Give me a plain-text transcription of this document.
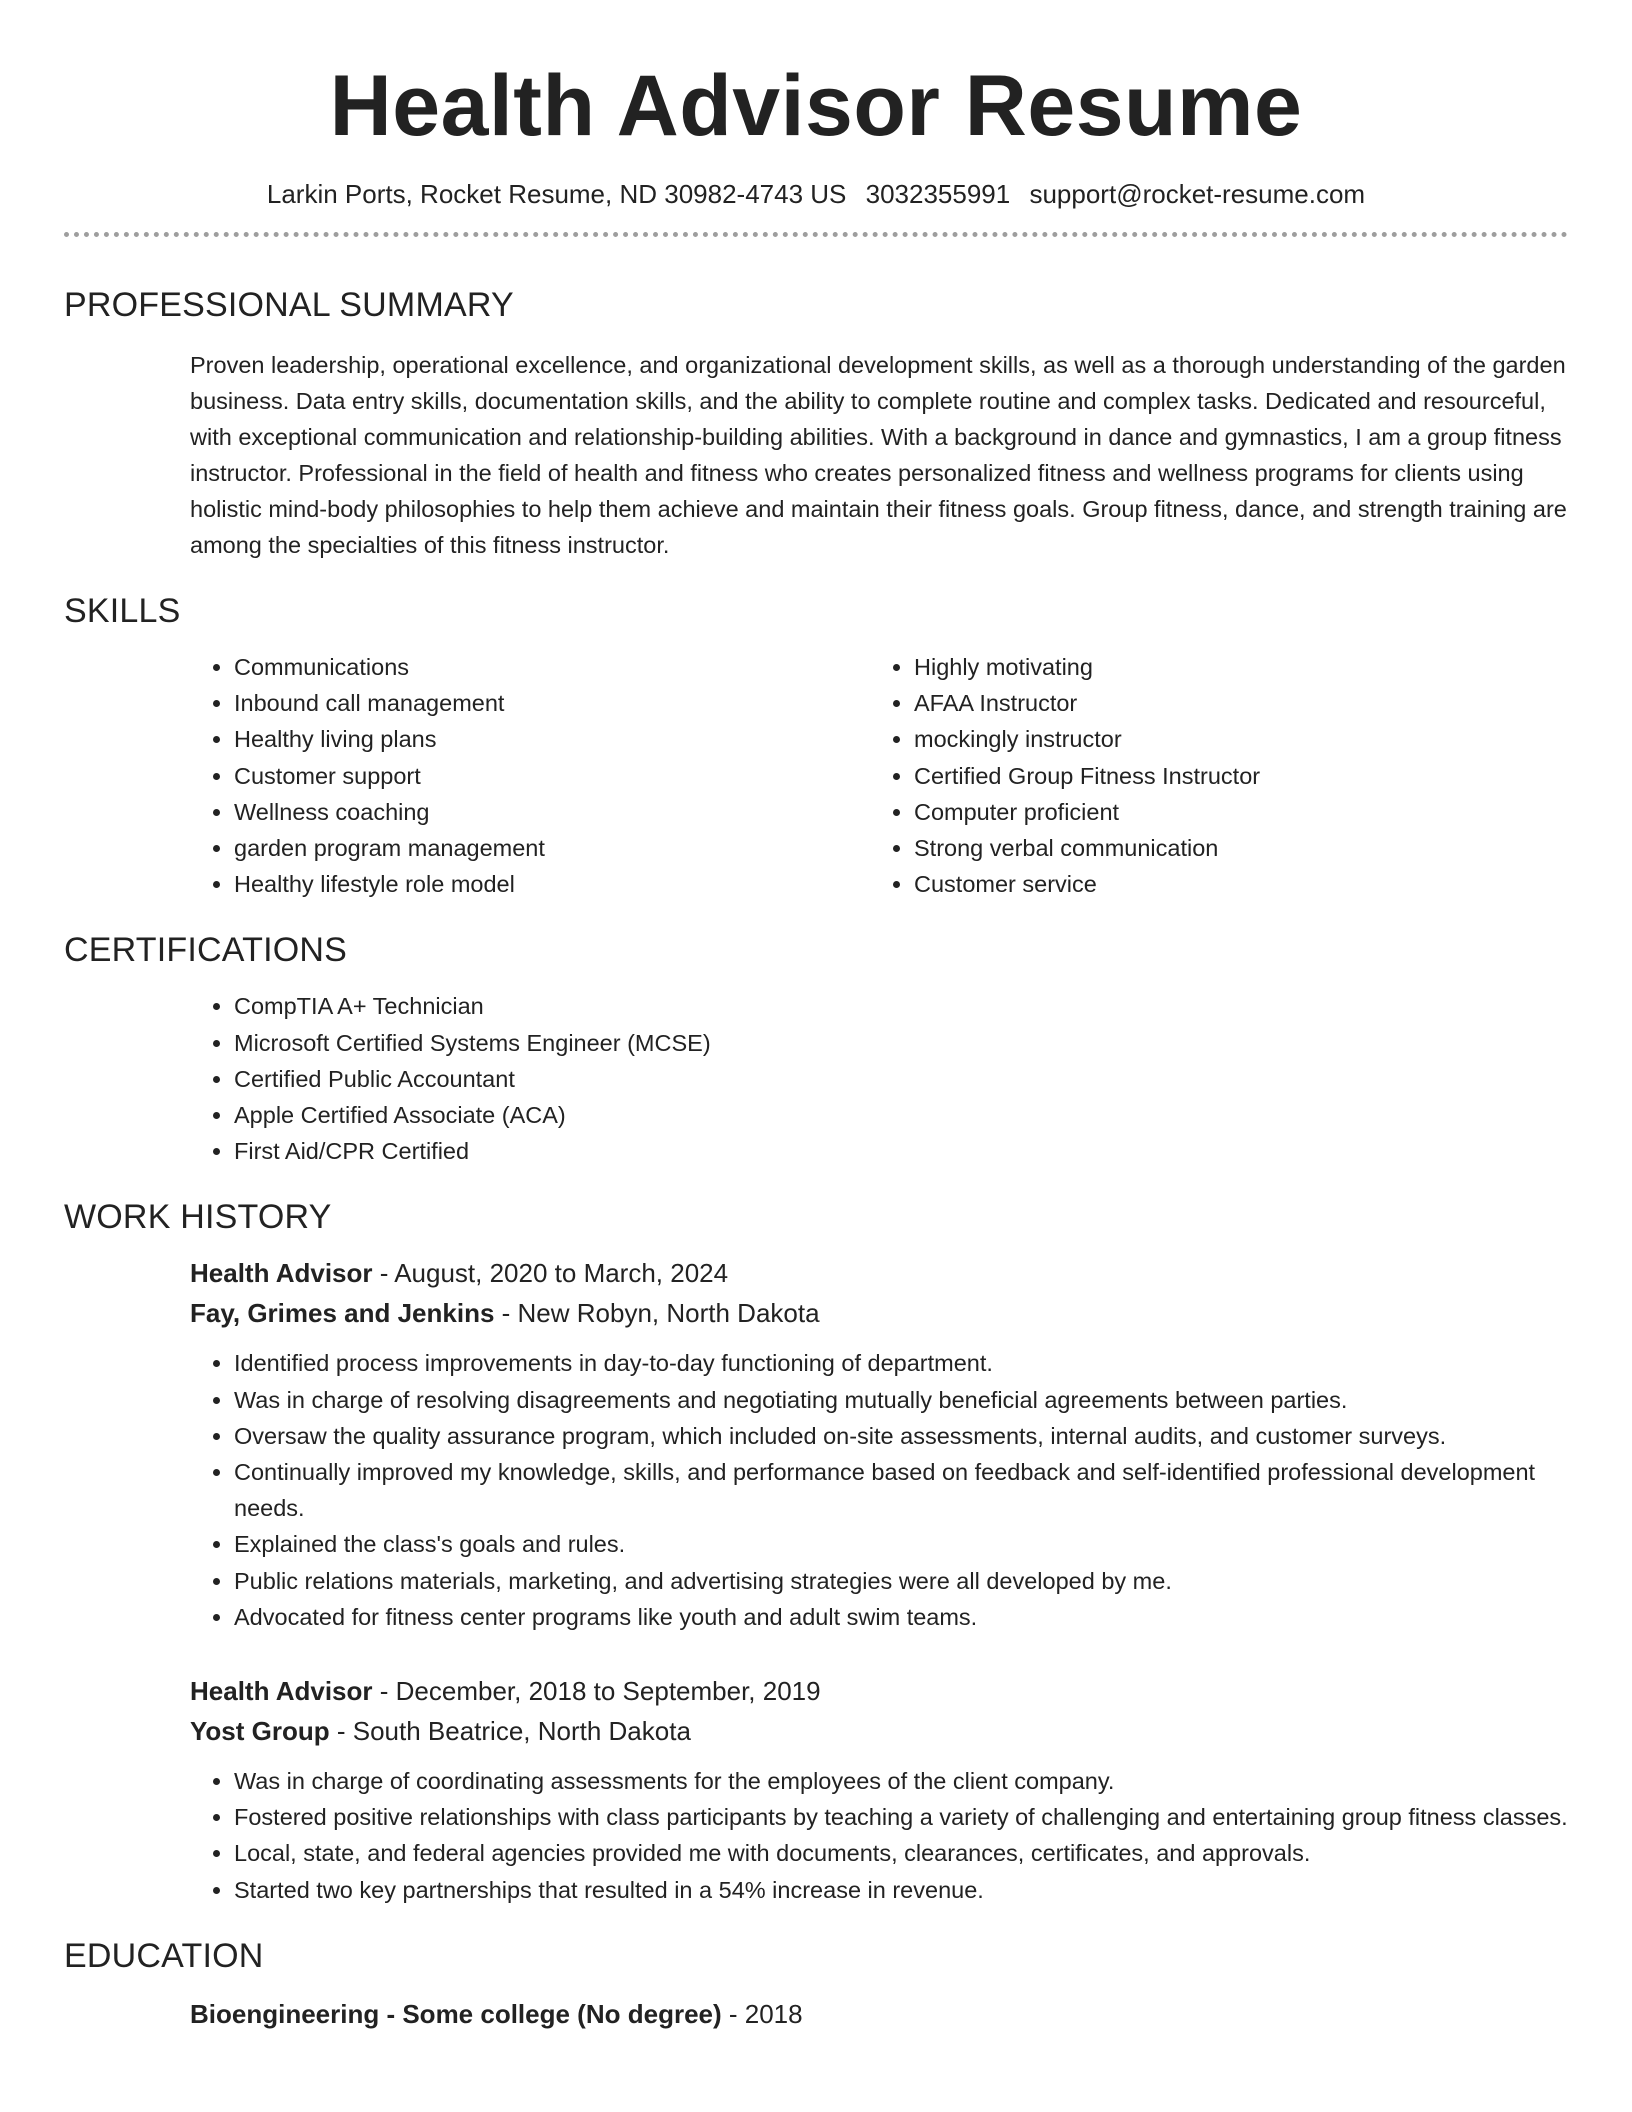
Health Advisor Resume
Larkin Ports, Rocket Resume, ND 30982-4743 US 3032355991 support@rocket-resume.com
PROFESSIONAL SUMMARY

Proven leadership, operational excellence, and organizational development skills, as well as a thorough understanding of the garden business. Data entry skills, documentation skills, and the ability to complete routine and complex tasks. Dedicated and resourceful, with exceptional communication and relationship-building abilities. With a background in dance and gymnastics, I am a group fitness instructor. Professional in the field of health and fitness who creates personalized fitness and wellness programs for clients using holistic mind-body philosophies to help them achieve and maintain their fitness goals. Group fitness, dance, and strength training are among the specialties of this fitness instructor.

SKILLS
• Communications
• Inbound call management
• Healthy living plans
• Customer support
• Wellness coaching
• garden program management
• Healthy lifestyle role model
• Highly motivating
• AFAA Instructor
• mockingly instructor
• Certified Group Fitness Instructor
• Computer proficient
• Strong verbal communication
• Customer service
CERTIFICATIONS
• CompTIA A+ Technician
• Microsoft Certified Systems Engineer (MCSE)
• Certified Public Accountant
• Apple Certified Associate (ACA)
• First Aid/CPR Certified
WORK HISTORY

Health Advisor - August, 2020 to March, 2024

Fay, Grimes and Jenkins - New Robyn, North Dakota

• Identified process improvements in day-to-day functioning of department.
• Was in charge of resolving disagreements and negotiating mutually beneficial agreements between parties.
• Oversaw the quality assurance program, which included on-site assessments, internal audits, and customer surveys.
• Continually improved my knowledge, skills, and performance based on feedback and self-identified professional development needs.
• Explained the class's goals and rules.
• Public relations materials, marketing, and advertising strategies were all developed by me.
• Advocated for fitness center programs like youth and adult swim teams.

Health Advisor - December, 2018 to September, 2019

Yost Group - South Beatrice, North Dakota

• Was in charge of coordinating assessments for the employees of the client company.
• Fostered positive relationships with class participants by teaching a variety of challenging and entertaining group fitness classes.
• Local, state, and federal agencies provided me with documents, clearances, certificates, and approvals.
• Started two key partnerships that resulted in a 54% increase in revenue.
EDUCATION

Bioengineering - Some college (No degree) - 2018
